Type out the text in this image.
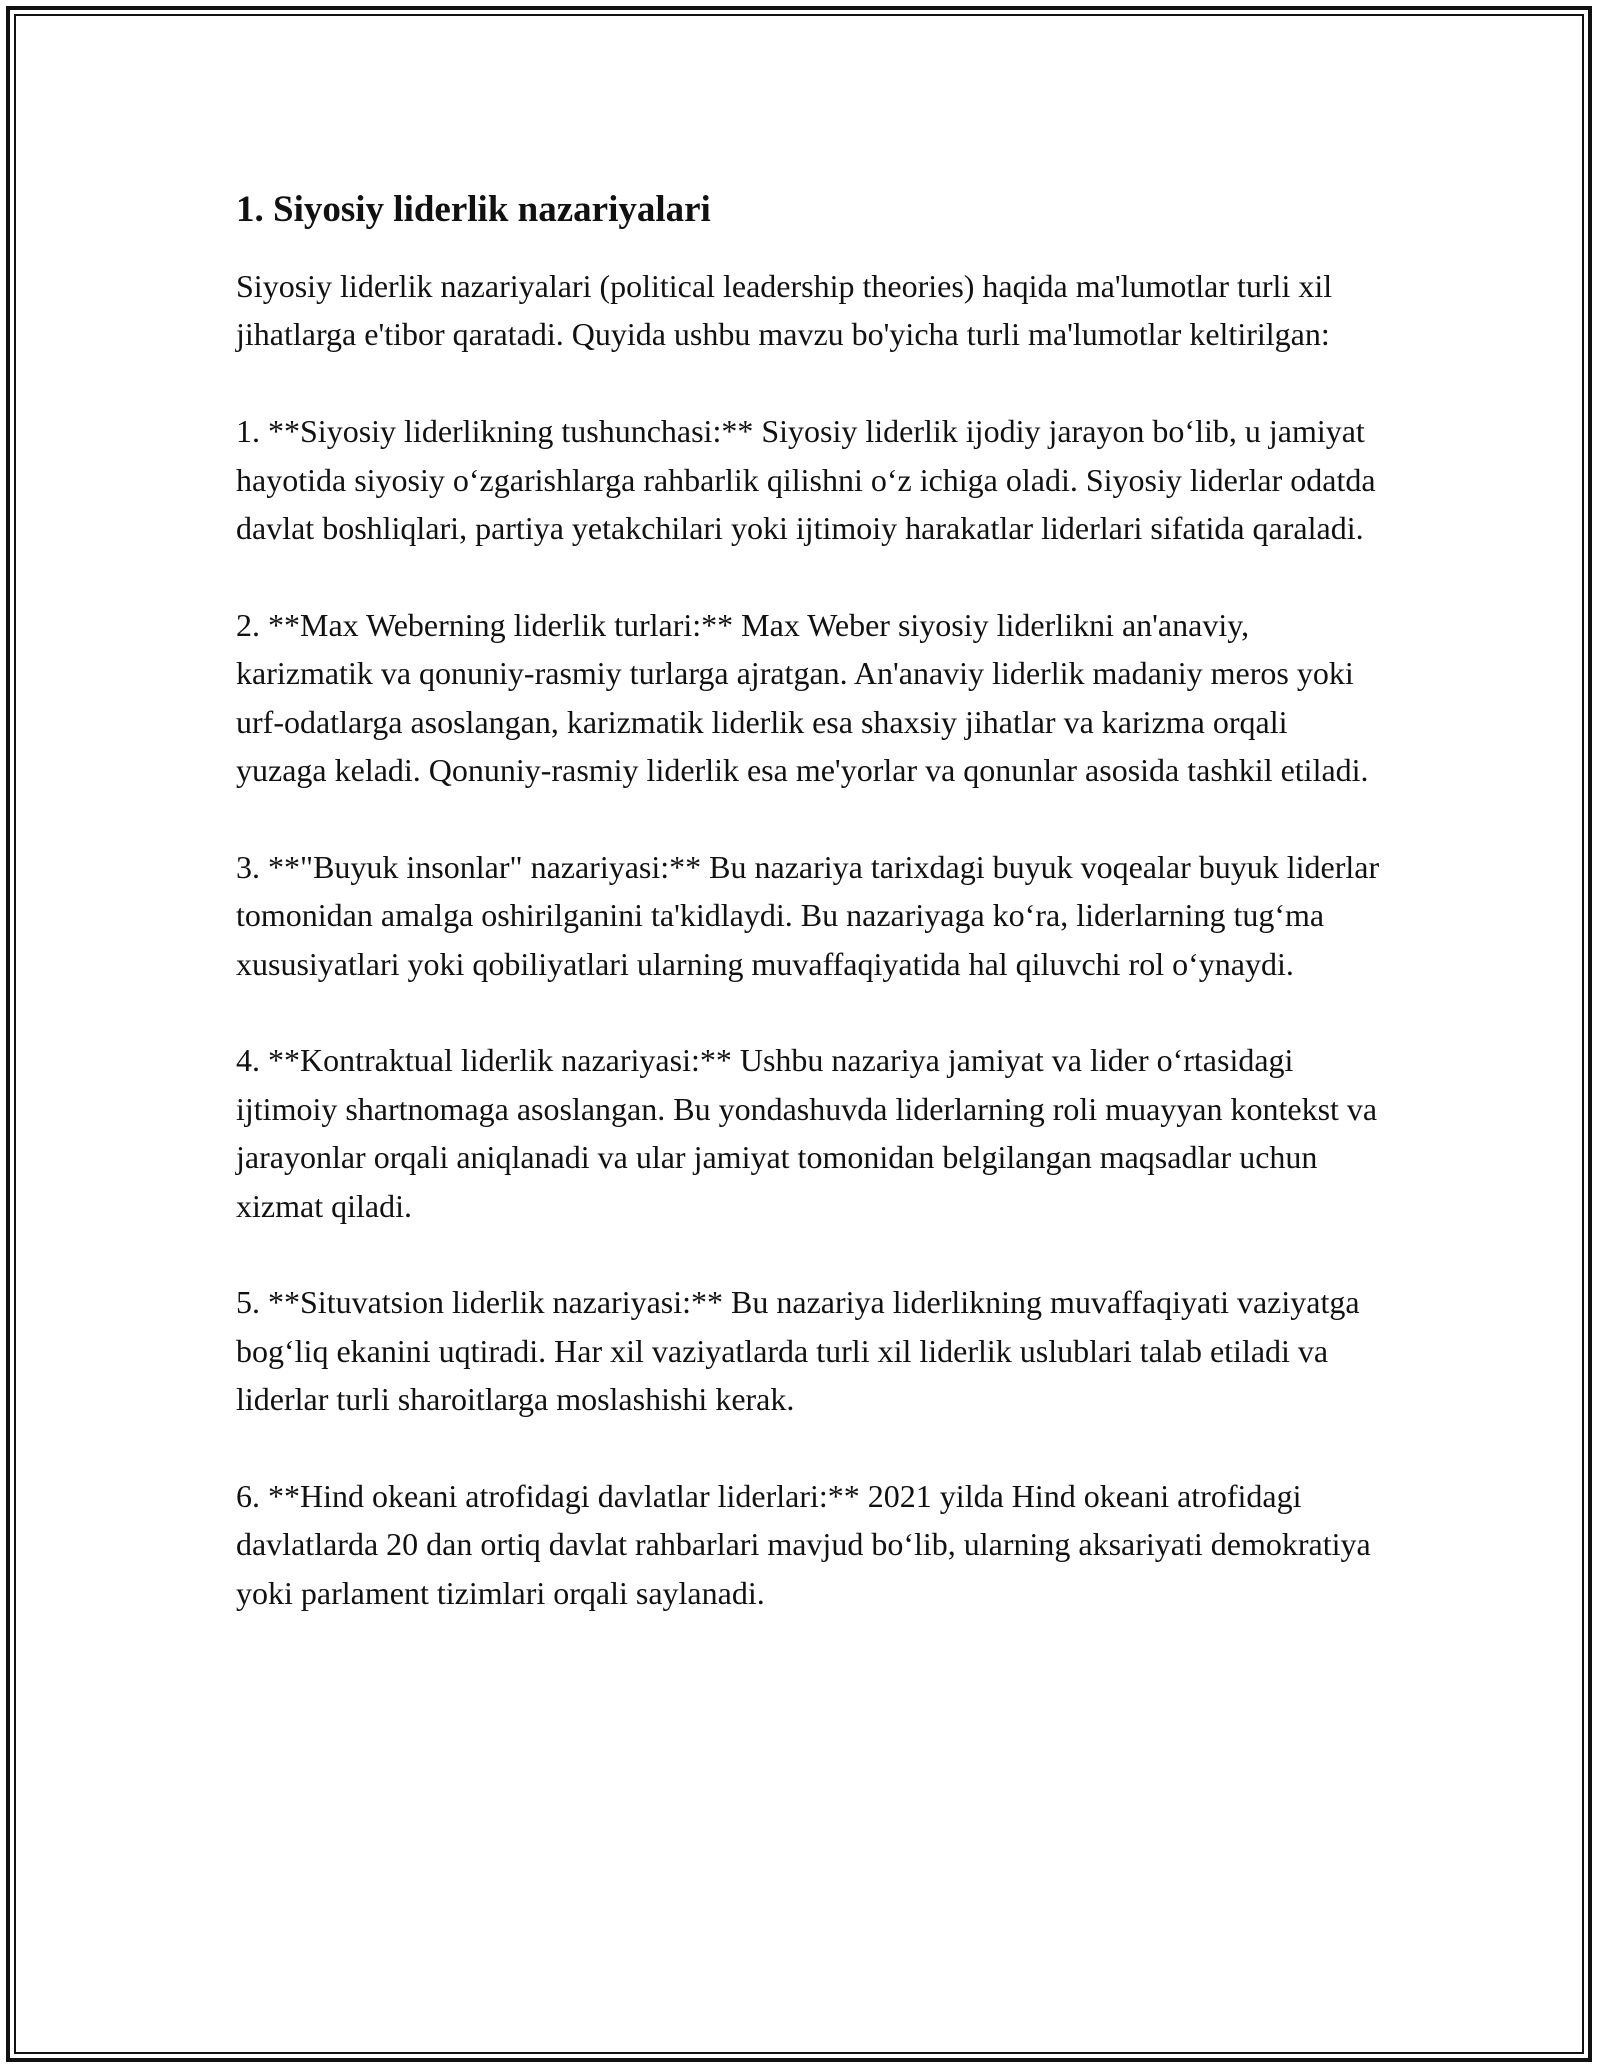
1. Siyosiy liderlik nazariyalari

Siyosiy liderlik nazariyalari (political leadership theories) haqida ma'lumotlar turli xil jihatlarga e'tibor qaratadi. Quyida ushbu mavzu bo'yicha turli ma'lumotlar keltirilgan:

1. **Siyosiy liderlikning tushunchasi:** Siyosiy liderlik ijodiy jarayon bo‘lib, u jamiyat hayotida siyosiy o‘zgarishlarga rahbarlik qilishni o‘z ichiga oladi. Siyosiy liderlar odatda davlat boshliqlari, partiya yetakchilari yoki ijtimoiy harakatlar liderlari sifatida qaraladi.

2. **Max Weberning liderlik turlari:** Max Weber siyosiy liderlikni an'anaviy, karizmatik va qonuniy-rasmiy turlarga ajratgan. An'anaviy liderlik madaniy meros yoki urf-odatlarga asoslangan, karizmatik liderlik esa shaxsiy jihatlar va karizma orqali yuzaga keladi. Qonuniy-rasmiy liderlik esa me'yorlar va qonunlar asosida tashkil etiladi.

3. **"Buyuk insonlar" nazariyasi:** Bu nazariya tarixdagi buyuk voqealar buyuk liderlar tomonidan amalga oshirilganini ta'kidlaydi. Bu nazariyaga ko‘ra, liderlarning tug‘ma xususiyatlari yoki qobiliyatlari ularning muvaffaqiyatida hal qiluvchi rol o‘ynaydi.

4. **Kontraktual liderlik nazariyasi:** Ushbu nazariya jamiyat va lider o‘rtasidagi ijtimoiy shartnomaga asoslangan. Bu yondashuvda liderlarning roli muayyan kontekst va jarayonlar orqali aniqlanadi va ular jamiyat tomonidan belgilangan maqsadlar uchun xizmat qiladi.

5. **Situvatsion liderlik nazariyasi:** Bu nazariya liderlikning muvaffaqiyati vaziyatga bog‘liq ekanini uqtiradi. Har xil vaziyatlarda turli xil liderlik uslublari talab etiladi va liderlar turli sharoitlarga moslashishi kerak.

6. **Hind okeani atrofidagi davlatlar liderlari:** 2021 yilda Hind okeani atrofidagi davlatlarda 20 dan ortiq davlat rahbarlari mavjud bo‘lib, ularning aksariyati demokratiya yoki parlament tizimlari orqali saylanadi.
